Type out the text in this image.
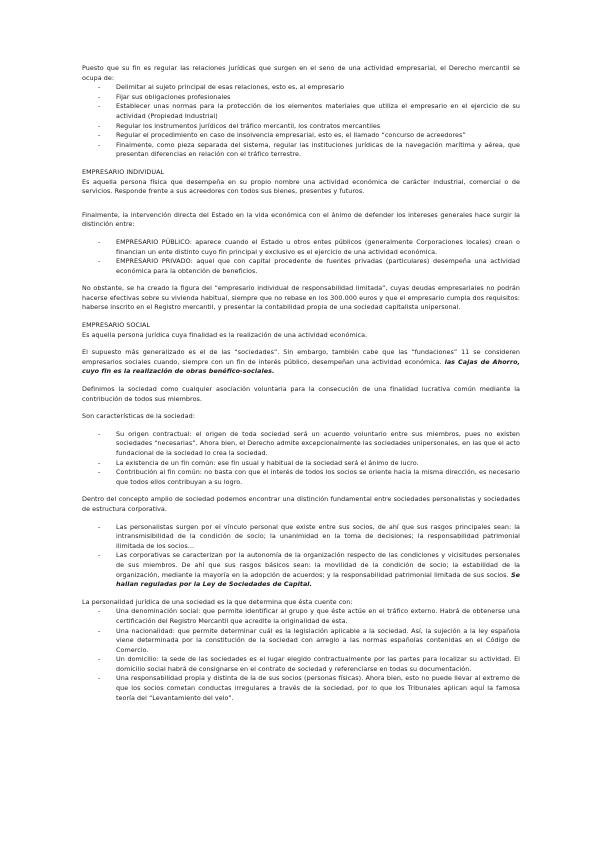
Puesto que su fin es regular las relaciones jurídicas que surgen en el seno de una actividad empresarial, el Derecho mercantil se ocupa de:

- Delimitar al sujeto principal de esas relaciones, esto es, al empresario
- Fijar sus obligaciones profesionales
- Establecer unas normas para la protección de los elementos materiales que utiliza el empresario en el ejercicio de su actividad (Propiedad Industrial)
- Regular los instrumentos jurídicos del tráfico mercantil, los contratos mercantiles
- Regular el procedimiento en caso de insolvencia empresarial, esto es, el llamado “concurso de acreedores”
- Finalmente, como pieza separada del sistema, regular las instituciones jurídicas de la navegación marítima y aérea, que presentan diferencias en relación con el tráfico terrestre.
EMPRESARIO INDIVIDUAL

Es aquella persona física que desempeña en su propio nombre una actividad económica de carácter industrial, comercial o de servicios. Responde frente a sus acreedores con todos sus bienes, presentes y futuros.

Finalmente, la intervención directa del Estado en la vida económica con el ánimo de defender los intereses generales hace surgir la distinción entre:

- EMPRESARIO PÚBLICO: aparece cuando el Estado u otros entes públicos (generalmente Corporaciones locales) crean o financian un ente distinto cuyo fin principal y exclusivo es el ejercicio de una actividad económica.
- EMPRESARIO PRIVADO: aquel que con capital procedente de fuentes privadas (particulares) desempeña una actividad económica para la obtención de beneficios.

No obstante, se ha creado la figura del “empresario individual de responsabilidad limitada”, cuyas deudas empresariales no podrán hacerse efectivas sobre su vivienda habitual, siempre que no rebase en los 300.000 euros y que el empresario cumpla dos requisitos: haberse inscrito en el Registro mercantil, y presentar la contabilidad propia de una sociedad capitalista unipersonal.

EMPRESARIO SOCIAL

Es aquella persona jurídica cuya finalidad es la realización de una actividad económica.

El supuesto más generalizado es el de las “sociedades”. Sin embargo, también cabe que las “fundaciones” 11 se consideren empresarios sociales cuando, siempre con un fin de interés público, desempeñan una actividad económica. las Cajas de Ahorro, cuyo fin es la realización de obras benéfico-sociales.

Definimos la sociedad como cualquier asociación voluntaria para la consecución de una finalidad lucrativa común mediante la contribución de todos sus miembros.

Son características de la sociedad:

- Su origen contractual: el origen de toda sociedad será un acuerdo voluntario entre sus miembros, pues no existen sociedades “necesarias”. Ahora bien, el Derecho admite excepcionalmente las sociedades unipersonales, en las que el acto fundacional de la sociedad lo crea la sociedad.
- La existencia de un fin común: ese fin usual y habitual de la sociedad será el ánimo de lucro.
- Contribución al fin común: no basta con que el interés de todos los socios se oriente hacia la misma dirección, es necesario que todos ellos contribuyan a su logro.

Dentro del concepto amplio de sociedad podemos encontrar una distinción fundamental entre sociedades personalistas y sociedades de estructura corporativa.

- Las personalistas surgen por el vínculo personal que existe entre sus socios, de ahí que sus rasgos principales sean: la intransmisibilidad de la condición de socio; la unanimidad en la toma de decisiones; la responsabilidad patrimonial ilimitada de los socios…
- Las corporativas se caracterizan por la autonomía de la organización respecto de las condiciones y vicisitudes personales de sus miembros. De ahí que sus rasgos básicos sean: la movilidad de la condición de socio; la estabilidad de la organización, mediante la mayoría en la adopción de acuerdos; y la responsabilidad patrimonial limitada de sus socios. Se hallan reguladas por la Ley de Sociedades de Capital.

La personalidad jurídica de una sociedad es la que determina que ésta cuente con:

- Una denominación social: que permite identificar al grupo y que éste actúe en el tráfico externo. Habrá de obtenerse una certificación del Registro Mercantil que acredite la originalidad de esta.
- Una nacionalidad: que permite determinar cuál es la legislación aplicable a la sociedad. Así, la sujeción a la ley española viene determinada por la constitución de la sociedad con arreglo a las normas españolas contenidas en el Código de Comercio.
- Un domicilio: la sede de las sociedades es el lugar elegido contractualmente por las partes para localizar su actividad. El domicilio social habrá de consignarse en el contrato de sociedad y referenciarse en todas su documentación.
- Una responsabilidad propia y distinta de la de sus socios (personas físicas). Ahora bien, esto no puede llevar al extremo de que los socios cometan conductas irregulares a través de la sociedad, por lo que los Tribunales aplican aquí la famosa teoría del “Levantamiento del velo”.
